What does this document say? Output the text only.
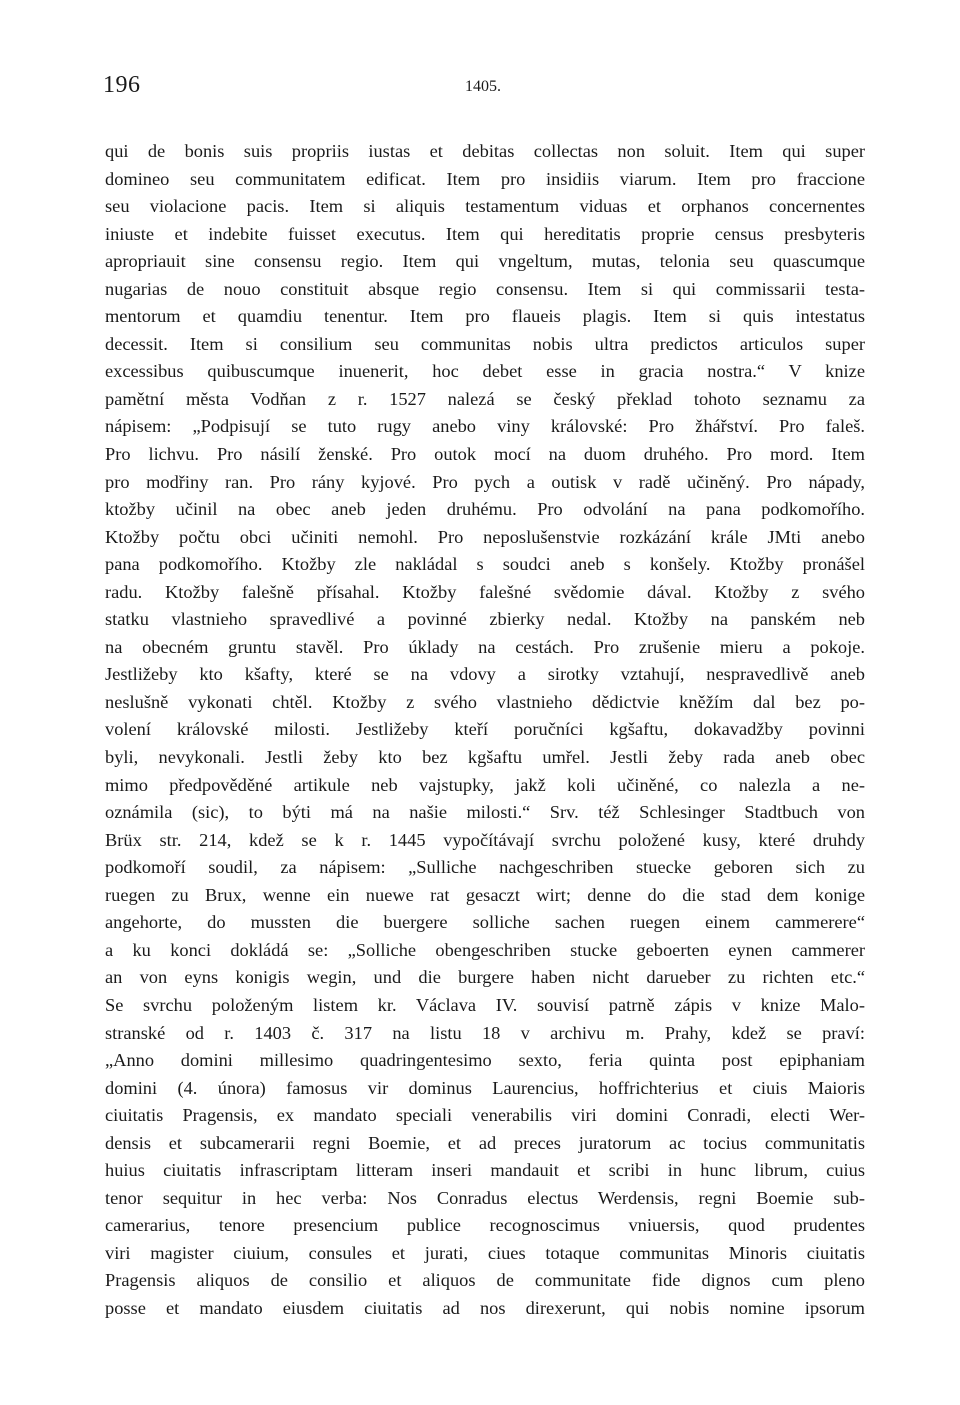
196	1405.
qui de bonis suis propriis iustas et debitas collectas non soluit. Item qui super
domineo seu communitatem edificat. Item pro insidiis viarum. Item pro fraccione
seu violacione pacis. Item si aliquis testamentum viduas et orphanos concernentes
iniuste et indebite fuisset executus. Item qui hereditatis proprie census presbyteris
apropriauit sine consensu regio. Item qui vngeltum, mutas, telonia seu quascumque
nugarias de nouo constituit absque regio consensu. Item si qui commissarii testa-
mentorum et quamdiu tenentur. Item pro flaueis plagis. Item si quis intestatus
decessit. Item si consilium seu communitas nobis ultra predictos articulos super
excessibus quibuscumque inuenerit, hoc debet esse in gracia nostra.“ V knize
pamětní města Vodňan z r. 1527 nalezá se český překlad tohoto seznamu za
nápisem: „Podpisují se tuto rugy anebo viny královské: Pro žhářství. Pro faleš.
Pro lichvu. Pro násilí ženské. Pro outok mocí na duom druhého. Pro mord. Item
pro modřiny ran. Pro rány kyjové. Pro pych a outisk v radě učiněný. Pro nápady,
ktožby učinil na obec aneb jeden druhému. Pro odvolání na pana podkomořího.
Ktožby počtu obci učiniti nemohl. Pro neposlušenstvie rozkázání krále JMti anebo
pana podkomořího. Ktožby zle nakládal s soudci aneb s konšely. Ktožby pronášel
radu. Ktožby falešně přísahal. Ktožby falešné svědomie dával. Ktožby z svého
statku vlastnieho spravedlivé a povinné zbierky nedal. Ktožby na panském neb
na obecném gruntu stavěl. Pro úklady na cestách. Pro zrušenie mieru a pokoje.
Jestližeby kto kšafty, které se na vdovy a sirotky vztahují, nespravedlivě aneb
neslušně vykonati chtěl. Ktožby z svého vlastnieho dědictvie kněžím dal bez po-
volení královské milosti. Jestližeby kteří poručníci kgšaftu, dokavadžby povinni
byli, nevykonali. Jestli žeby kto bez kgšaftu umřel. Jestli žeby rada aneb obec
mimo předpověděné artikule neb vajstupky, jakž koli učiněné, co nalezla a ne-
oznámila (sic), to býti má na našie milosti.“ Srv. též Schlesinger Stadtbuch von
Brüx str. 214, kdež se k r. 1445 vypočítávají svrchu položené kusy, které druhdy
podkomoří soudil, za nápisem: „Sulliche nachgeschriben stuecke geboren sich zu
ruegen zu Brux, wenne ein nuewe rat gesaczt wirt; denne do die stad dem konige
angehorte, do mussten die buergere solliche sachen ruegen einem cammerere“
a ku konci dokládá se: „Solliche obengeschriben stucke geboerten eynen cammerer
an von eyns konigis wegin, und die burgere haben nicht darueber zu richten etc.“
Se svrchu položeným listem kr. Václava IV. souvisí patrně zápis v knize Malo-
stranské od r. 1403 č. 317 na listu 18 v archivu m. Prahy, kdež se praví:
„Anno domini millesimo quadringentesimo sexto, feria quinta post epiphaniam
domini (4. února) famosus vir dominus Laurencius, hoffrichterius et ciuis Maioris
ciuitatis Pragensis, ex mandato speciali venerabilis viri domini Conradi, electi Wer-
densis et subcamerarii regni Boemie, et ad preces juratorum ac tocius communitatis
huius ciuitatis infrascriptam litteram inseri mandauit et scribi in hunc librum, cuius
tenor sequitur in hec verba: Nos Conradus electus Werdensis, regni Boemie sub-
camerarius, tenore presencium publice recognoscimus vniuersis, quod prudentes
viri magister ciuium, consules et jurati, ciues totaque communitas Minoris ciuitatis
Pragensis aliquos de consilio et aliquos de communitate fide dignos cum pleno
posse et mandato eiusdem ciuitatis ad nos direxerunt, qui nobis nomine ipsorum
